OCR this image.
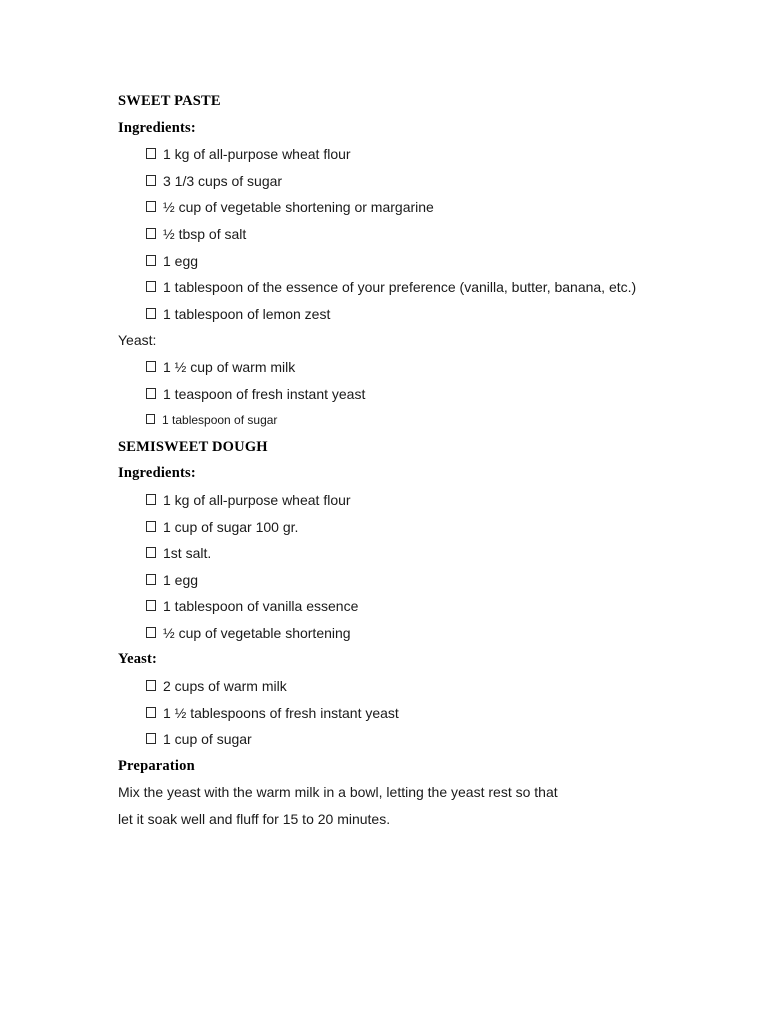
SWEET PASTE
Ingredients:
1 kg of all-purpose wheat flour
3 1/3 cups of sugar
½ cup of vegetable shortening or margarine
½ tbsp of salt
1 egg
1 tablespoon of the essence of your preference (vanilla, butter, banana, etc.)
1 tablespoon of lemon zest
Yeast:
1 ½ cup of warm milk
1 teaspoon of fresh instant yeast
1 tablespoon of sugar
SEMISWEET DOUGH
Ingredients:
1 kg of all-purpose wheat flour
1 cup of sugar 100 gr.
1st salt.
1 egg
1 tablespoon of vanilla essence
½ cup of vegetable shortening
Yeast:
2 cups of warm milk
1 ½ tablespoons of fresh instant yeast
1 cup of sugar
Preparation
Mix the yeast with the warm milk in a bowl, letting the yeast rest so that
let it soak well and fluff for 15 to 20 minutes.
